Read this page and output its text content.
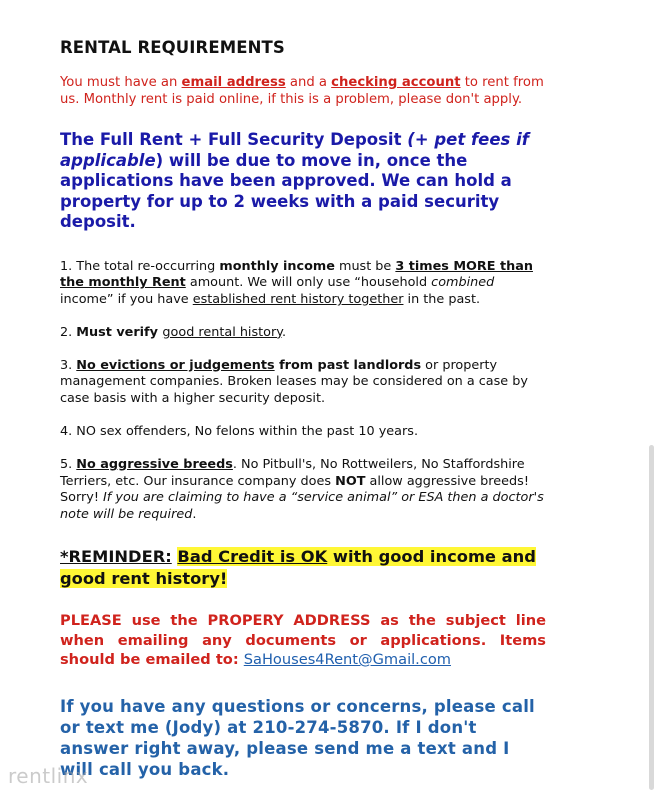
RENTAL REQUIREMENTS

You must have an email address and a checking account to rent from us. Monthly rent is paid online, if this is a problem, please don't apply.

The Full Rent + Full Security Deposit (+ pet fees if applicable) will be due to move in, once the applications have been approved. We can hold a property for up to 2 weeks with a paid security deposit.

1. The total re-occurring monthly income must be 3 times MORE than the monthly Rent amount. We will only use “household combined income” if you have established rent history together in the past.

2. Must verify good rental history.

3. No evictions or judgements from past landlords or property management companies. Broken leases may be considered on a case by case basis with a higher security deposit.

4. NO sex offenders, No felons within the past 10 years.

5. No aggressive breeds. No Pitbull's, No Rottweilers, No Staffordshire Terriers, etc. Our insurance company does NOT allow aggressive breeds! Sorry! If you are claiming to have a “service animal” or ESA then a doctor's note will be required.

*REMINDER: Bad Credit is OK with good income and good rent history!

PLEASE use the PROPERY ADDRESS as the subject line when emailing any documents or applications. Items should be emailed to: SaHouses4Rent@Gmail.com

If you have any questions or concerns, please call or text me (Jody) at 210-274-5870. If I don't answer right away, please send me a text and I will call you back.

rentlinx
